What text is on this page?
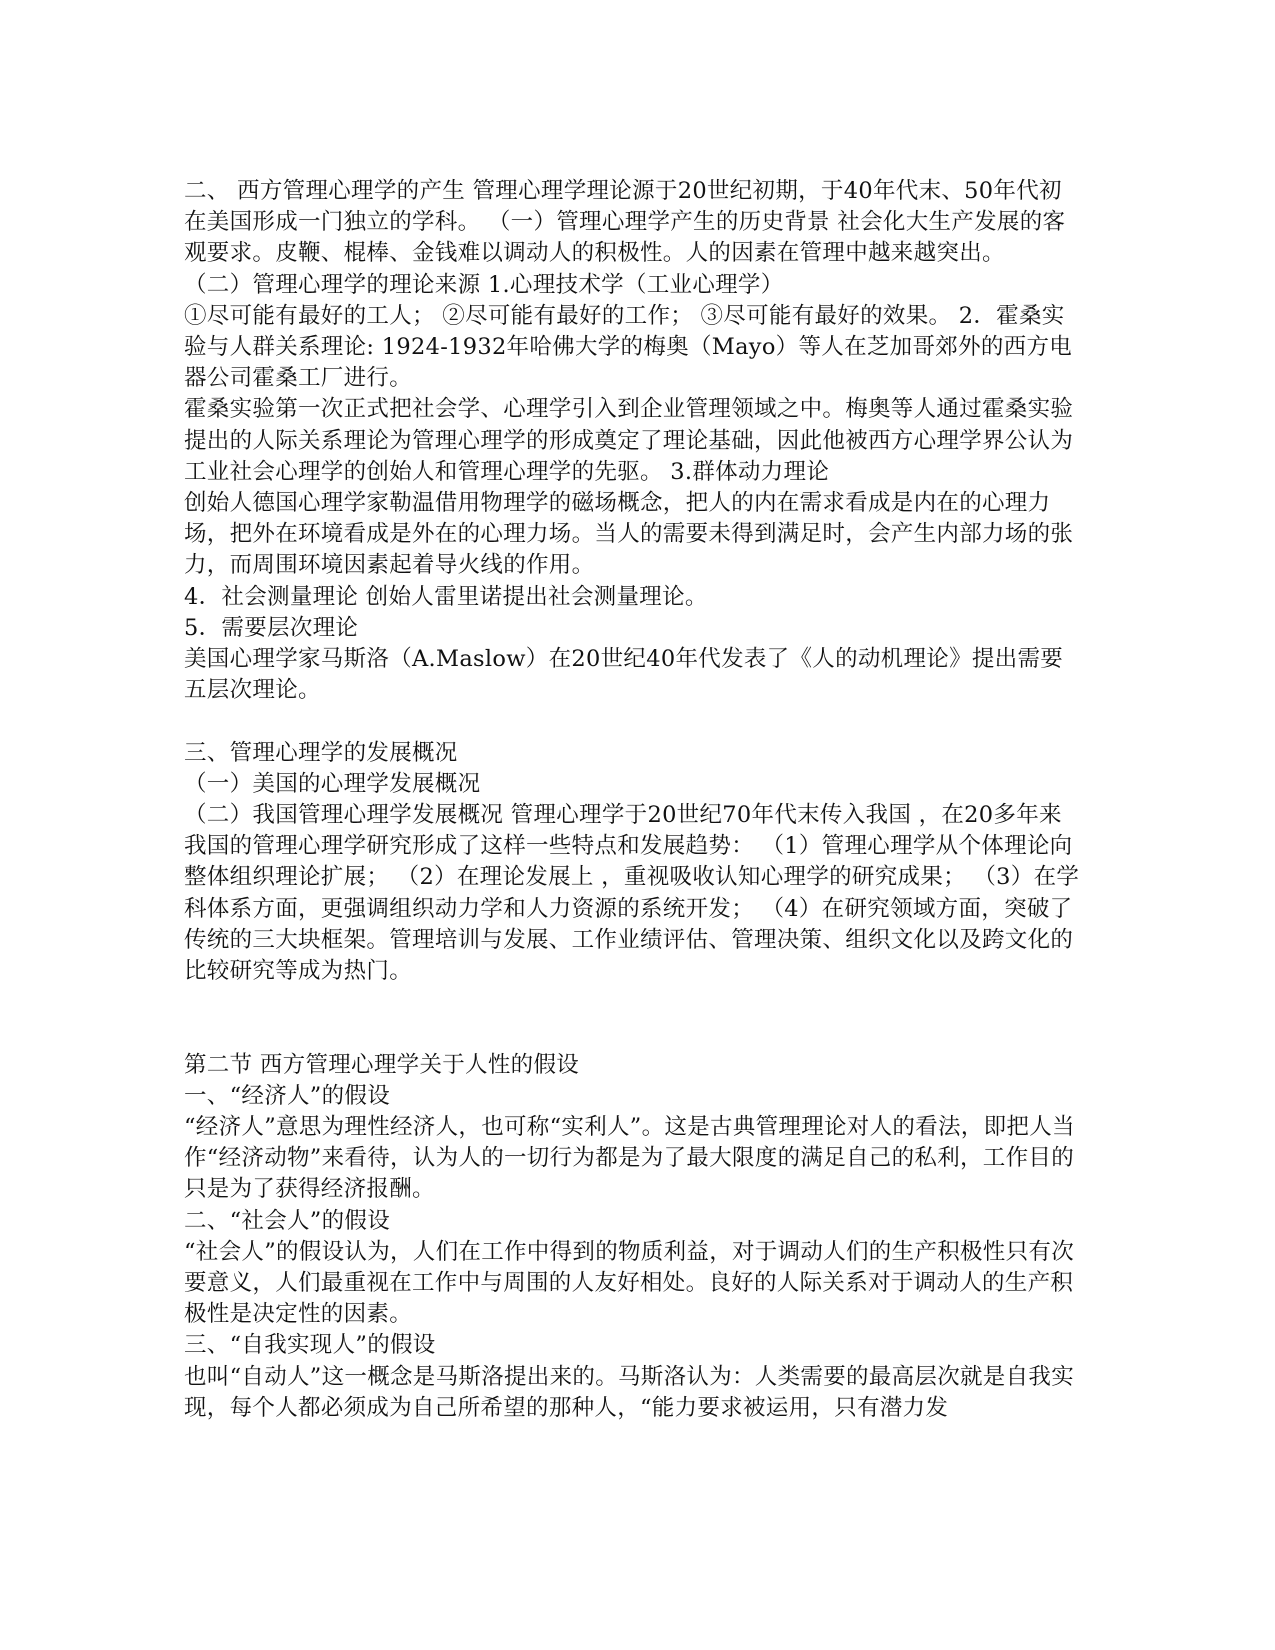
二、 西方管理心理学的产生 管理心理学理论源于20世纪初期，于40年代末、50年代初在美国形成一门独立的学科。 （一）管理心理学产生的历史背景 社会化大生产发展的客观要求。皮鞭、棍棒、金钱难以调动人的积极性。人的因素在管理中越来越突出。

（二）管理心理学的理论来源 1.心理技术学（工业心理学）

①尽可能有最好的工人； ②尽可能有最好的工作； ③尽可能有最好的效果。 2．霍桑实验与人群关系理论: 1924-1932年哈佛大学的梅奥（Mayo）等人在芝加哥郊外的西方电器公司霍桑工厂进行。

霍桑实验第一次正式把社会学、心理学引入到企业管理领域之中。梅奥等人通过霍桑实验提出的人际关系理论为管理心理学的形成奠定了理论基础，因此他被西方心理学界公认为工业社会心理学的创始人和管理心理学的先驱。 3.群体动力理论

创始人德国心理学家勒温借用物理学的磁场概念，把人的内在需求看成是内在的心理力场，把外在环境看成是外在的心理力场。当人的需要未得到满足时，会产生内部力场的张力，而周围环境因素起着导火线的作用。

4．社会测量理论 创始人雷里诺提出社会测量理论。

5．需要层次理论

美国心理学家马斯洛（A.Maslow）在20世纪40年代发表了《人的动机理论》提出需要五层次理论。

三、管理心理学的发展概况

（一）美国的心理学发展概况

（二）我国管理心理学发展概况 管理心理学于20世纪70年代末传入我国 ，在20多年来我国的管理心理学研究形成了这样一些特点和发展趋势： （1）管理心理学从个体理论向整体组织理论扩展； （2）在理论发展上 ，重视吸收认知心理学的研究成果； （3）在学科体系方面，更强调组织动力学和人力资源的系统开发； （4）在研究领域方面，突破了传统的三大块框架。管理培训与发展、工作业绩评估、管理决策、组织文化以及跨文化的比较研究等成为热门。

第二节 西方管理心理学关于人性的假设

一、“经济人”的假设

“经济人”意思为理性经济人，也可称“实利人”。这是古典管理理论对人的看法，即把人当作“经济动物”来看待，认为人的一切行为都是为了最大限度的满足自己的私利，工作目的只是为了获得经济报酬。

二、“社会人”的假设

“社会人”的假设认为，人们在工作中得到的物质利益，对于调动人们的生产积极性只有次要意义，人们最重视在工作中与周围的人友好相处。良好的人际关系对于调动人的生产积极性是决定性的因素。

三、“自我实现人”的假设

也叫“自动人”这一概念是马斯洛提出来的。马斯洛认为：人类需要的最高层次就是自我实现，每个人都必须成为自己所希望的那种人，“能力要求被运用，只有潜力发
